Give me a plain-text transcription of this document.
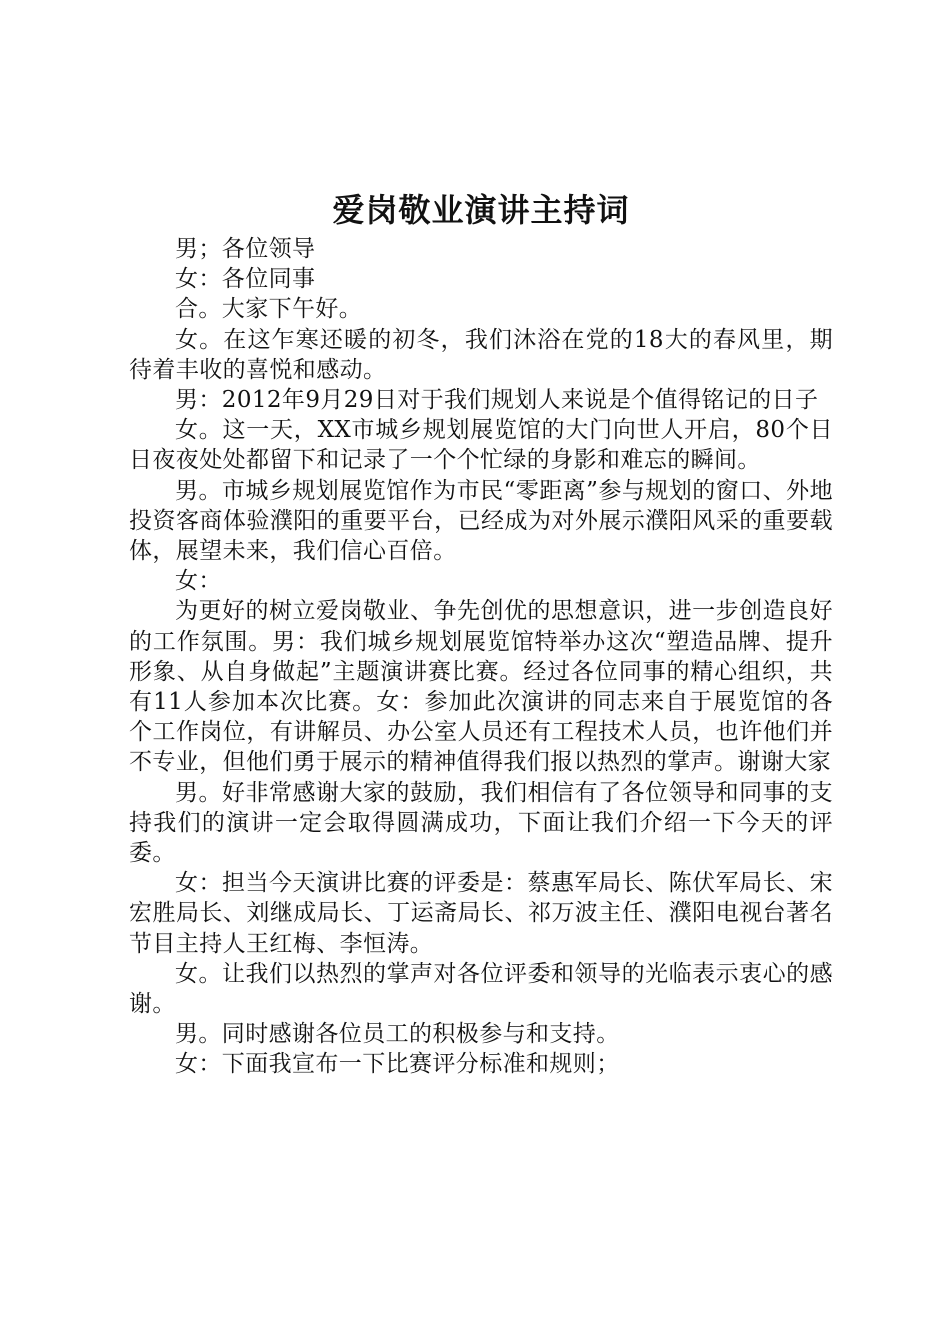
爱岗敬业演讲主持词

男；各位领导

女：各位同事

合。大家下午好。

女。在这乍寒还暖的初冬，我们沐浴在党的18大的春风里，期待着丰收的喜悦和感动。

男：2012年9月29日对于我们规划人来说是个值得铭记的日子

女。这一天，XX市城乡规划展览馆的大门向世人开启，80个日日夜夜处处都留下和记录了一个个忙绿的身影和难忘的瞬间。

男。市城乡规划展览馆作为市民“零距离”参与规划的窗口、外地投资客商体验濮阳的重要平台，已经成为对外展示濮阳风采的重要载体，展望未来，我们信心百倍。

女：

为更好的树立爱岗敬业、争先创优的思想意识，进一步创造良好的工作氛围。男：我们城乡规划展览馆特举办这次“塑造品牌、提升形象、从自身做起”主题演讲赛比赛。经过各位同事的精心组织，共有11人参加本次比赛。女：参加此次演讲的同志来自于展览馆的各个工作岗位，有讲解员、办公室人员还有工程技术人员，也许他们并不专业，但他们勇于展示的精神值得我们报以热烈的掌声。谢谢大家

男。好非常感谢大家的鼓励，我们相信有了各位领导和同事的支持我们的演讲一定会取得圆满成功，下面让我们介绍一下今天的评委。

女：担当今天演讲比赛的评委是：蔡惠军局长、陈伏军局长、宋宏胜局长、刘继成局长、丁运斋局长、祁万波主任、濮阳电视台著名节目主持人王红梅、李恒涛。

女。让我们以热烈的掌声对各位评委和领导的光临表示衷心的感谢。

男。同时感谢各位员工的积极参与和支持。

女：下面我宣布一下比赛评分标准和规则；
